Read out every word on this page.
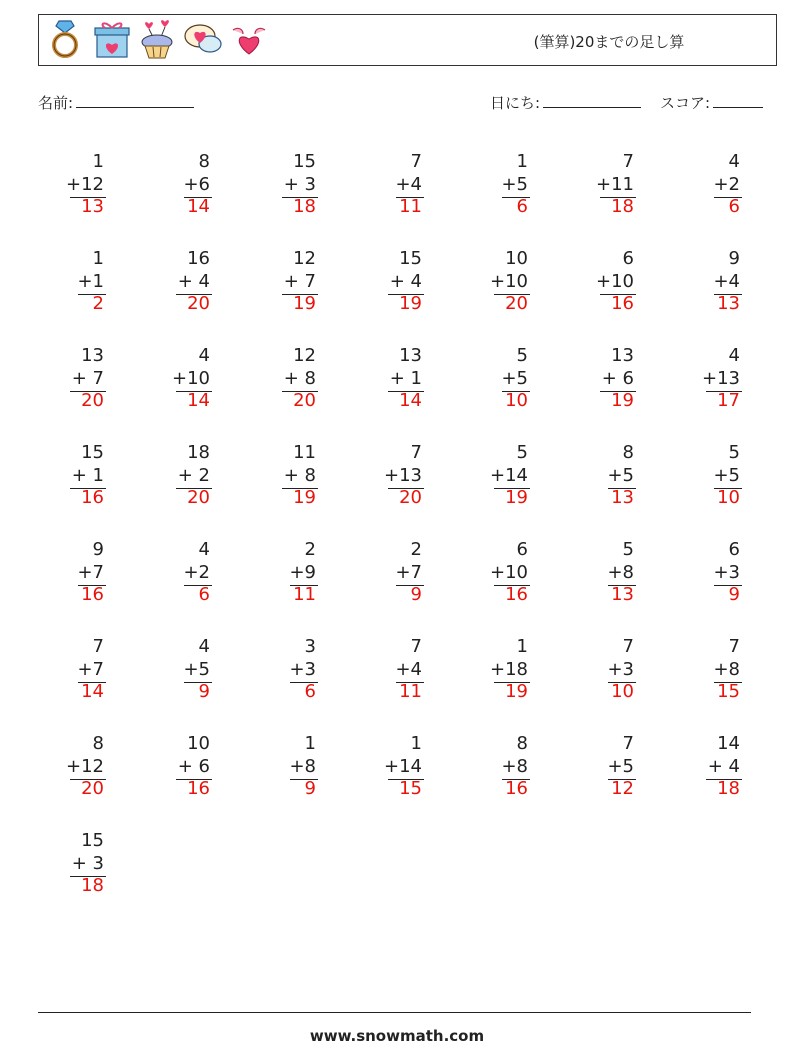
(筆算)20までの足し算
名前:	日にち:	スコア:
1
+12
13
8
+6
14
15
+ 3
18
7
+4
11
1
+5
6
7
+11
18
4
+2
6
1
+1
2
16
+ 4
20
12
+ 7
19
15
+ 4
19
10
+10
20
6
+10
16
9
+4
13
13
+ 7
20
4
+10
14
12
+ 8
20
13
+ 1
14
5
+5
10
13
+ 6
19
4
+13
17
15
+ 1
16
18
+ 2
20
11
+ 8
19
7
+13
20
5
+14
19
8
+5
13
5
+5
10
9
+7
16
4
+2
6
2
+9
11
2
+7
9
6
+10
16
5
+8
13
6
+3
9
7
+7
14
4
+5
9
3
+3
6
7
+4
11
1
+18
19
7
+3
10
7
+8
15
8
+12
20
10
+ 6
16
1
+8
9
1
+14
15
8
+8
16
7
+5
12
14
+ 4
18
15
+ 3
18
www.snowmath.com
